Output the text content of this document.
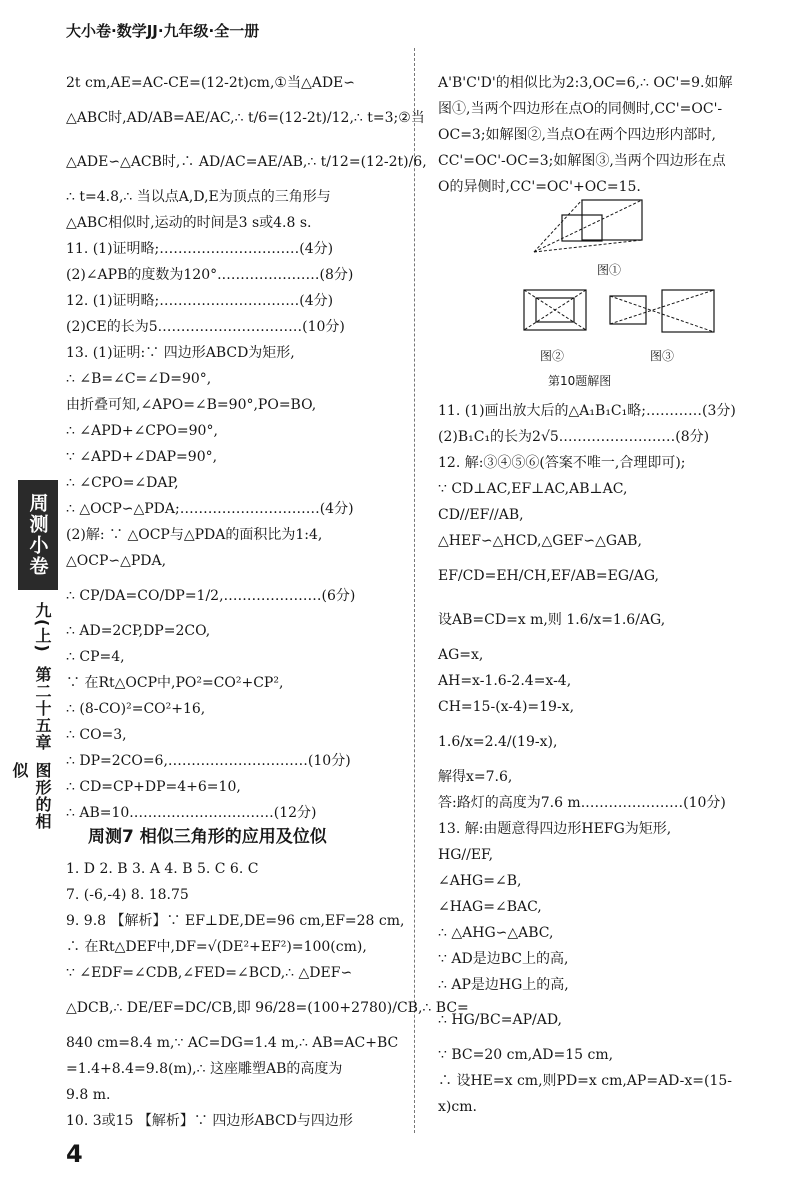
大小卷·数学JJ·九年级·全一册
2t cm,AE=AC-CE=(12-2t)cm,①当△ADE∽
△ABC时,AD/AB=AE/AC,∴ t/6=(12-2t)/12,∴ t=3;②当
△ADE∽△ACB时,∴ AD/AC=AE/AB,∴ t/12=(12-2t)/6,
∴ t=4.8,∴ 当以点A,D,E为顶点的三角形与
△ABC相似时,运动的时间是3 s或4.8 s.
11. (1)证明略;…………………………(4分)
(2)∠APB的度数为120°.…………………(8分)
12. (1)证明略;…………………………(4分)
(2)CE的长为5.…………………………(10分)
13. (1)证明:∵ 四边形ABCD为矩形,
∴ ∠B=∠C=∠D=90°,
由折叠可知,∠APO=∠B=90°,PO=BO,
∴ ∠APD+∠CPO=90°,
∵ ∠APD+∠DAP=90°,
∴ ∠CPO=∠DAP,
∴ △OCP∽△PDA;…………………………(4分)
(2)解: ∵ △OCP与△PDA的面积比为1:4,
△OCP∽△PDA,
∴ CP/DA=CO/DP=1/2,…………………(6分)
∴ AD=2CP,DP=2CO,
∴ CP=4,
∵ 在Rt△OCP中,PO²=CO²+CP²,
∴ (8-CO)²=CO²+16,
∴ CO=3,
∴ DP=2CO=6,…………………………(10分)
∴ CD=CP+DP=4+6=10,
∴ AB=10.…………………………(12分)
周测7 相似三角形的应用及位似
1. D 2. B 3. A 4. B 5. C 6. C
7. (-6,-4) 8. 18.75
9. 9.8 【解析】∵ EF⊥DE,DE=96 cm,EF=28 cm,
∴ 在Rt△DEF中,DF=√(DE²+EF²)=100(cm),
∵ ∠EDF=∠CDB,∠FED=∠BCD,∴ △DEF∽
△DCB,∴ DE/EF=DC/CB,即 96/28=(100+2780)/CB,∴ BC=
840 cm=8.4 m,∵ AC=DG=1.4 m,∴ AB=AC+BC
=1.4+8.4=9.8(m),∴ 这座雕塑AB的高度为
9.8 m.
10. 3或15 【解析】∵ 四边形ABCD与四边形
A'B'C'D'的相似比为2:3,OC=6,∴ OC'=9.如解
图①,当两个四边形在点O的同侧时,CC'=OC'-
OC=3;如解图②,当点O在两个四边形内部时,
CC'=OC'-OC=3;如解图③,当两个四边形在点
O的异侧时,CC'=OC'+OC=15.
图①
图②	图③
第10题解图
11. (1)画出放大后的△A₁B₁C₁略;…………(3分)
(2)B₁C₁的长为2√5.……………………(8分)
12. 解:③④⑤⑥(答案不唯一,合理即可);
∵ CD⊥AC,EF⊥AC,AB⊥AC,
CD//EF//AB,
△HEF∽△HCD,△GEF∽△GAB,
EF/CD=EH/CH,EF/AB=EG/AG,
设AB=CD=x m,则 1.6/x=1.6/AG,
AG=x,
AH=x-1.6-2.4=x-4,
CH=15-(x-4)=19-x,
1.6/x=2.4/(19-x),
解得x=7.6,
答:路灯的高度为7.6 m.…………………(10分)
13. 解:由题意得四边形HEFG为矩形,
HG//EF,
∠AHG=∠B,
∠HAG=∠BAC,
∴ △AHG∽△ABC,
∵ AD是边BC上的高,
∴ AP是边HG上的高,
∴ HG/BC=AP/AD,
∵ BC=20 cm,AD=15 cm,
∴ 设HE=x cm,则PD=x cm,AP=AD-x=(15-
x)cm.
周测小卷
九(上)
第二十五章
图形的相似
4
